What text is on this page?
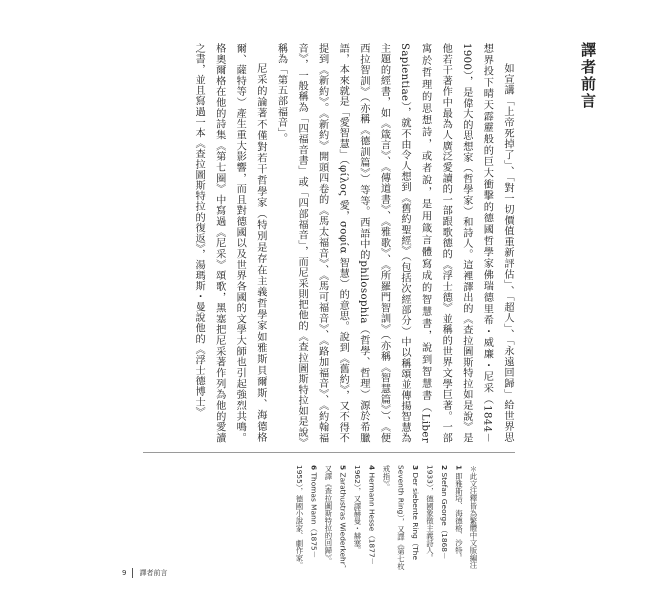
譯者前言

如宣講「上帝死掉了」、「對一切價值重新評估」、「超人」、「永遠回歸」給世界思想界投下晴天霹靂般的巨大衝擊的德國哲學家佛瑞德里希・威廉・尼采（1844－1900），是偉大的思想家（哲學家）和詩人。這裡譯出的《查拉圖斯特拉如是說》是他若干著作中最為人廣泛愛讀的一部跟歌德的《浮士德》並稱的世界文學巨著。一部寓於哲理的思想詩，或者說，是用箴言體寫成的智慧書，說到智慧書（Liber Sapientiae），就不由令人想到《舊約聖經》（包括次經部分）中以稱頌並傳揚智慧為主題的經書，如《箴言》、《傳道書》、《雅歌》、《所羅門智訓》（亦稱《智慧篇》）、《便西拉智訓》（亦稱《德訓篇》）等等。西語中的philosophia（哲學、哲理）源於希臘語，本來就是「愛智慧」（φίλος 愛，σοφία 智慧）的意思。說到《舊約》，又不得不提到《新約》。《新約》開頭四卷的《馬太福音》、《馬可福音》、《路加福音》、《約翰福音》，一般稱為「四福音書」或「四部福音」，而尼采則把他的《查拉圖斯特拉如是說》稱為「第五部福音」。

尼采的論著不僅對若干哲學家（特別是存在主義哲學家如雅斯貝爾斯、海德格爾、薩特等）產生重大影響，而且對德國以及世界各國的文學大師也引起強烈共鳴。格奧爾格在他的詩集《第七圈》中寫過《尼采》頌歌，黑塞把尼采著作列為他的愛讀之書，並且寫過一本《查拉圖斯特拉的復返》，湯瑪斯・曼說他的《浮士德博士》

＊此文注釋皆為繁體中文版編注

1 即雅斯培、海德格、沙特。

2 Stefan George（1868－1933），德國象徵主義詩人。

3 Der siebente Ring（The Seventh Ring），又譯《第七枚戒指》。

4 Hermann Hesse（1877－1962），又譯赫曼・赫塞。

5 Zarathustras Wiederkehr，又譯《查拉圖斯特拉的回歸》。

6 Thomas Mann（1875－1955），德國小說家、劇作家。

9 譯者前言
